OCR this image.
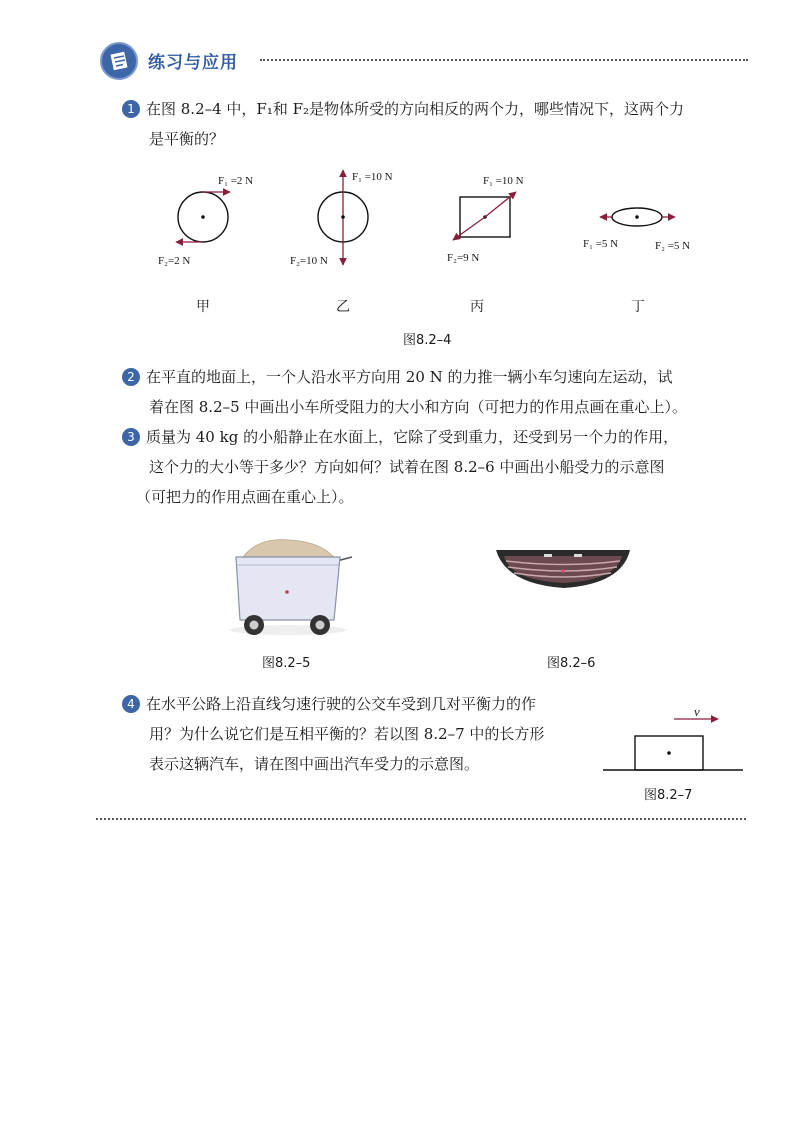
练习与应用
1 在图 8.2–4 中，F₁和 F₂是物体所受的方向相反的两个力，哪些情况下，这两个力
是平衡的？
F₁ =2 N
F₂=2 N
F₁ =10 N
F₂=10 N
F₁ =10 N
F₂=9 N
F₁ =5 N	F₂ =5 N
甲	乙	丙	丁
图8.2–4
2 在平直的地面上，一个人沿水平方向用 20 N 的力推一辆小车匀速向左运动，试
着在图 8.2–5 中画出小车所受阻力的大小和方向（可把力的作用点画在重心上）。
3 质量为 40 kg 的小船静止在水面上，它除了受到重力，还受到另一个力的作用，
这个力的大小等于多少？方向如何？试着在图 8.2–6 中画出小船受力的示意图
（可把力的作用点画在重心上）。
图8.2–5	图8.2–6
4 在水平公路上沿直线匀速行驶的公交车受到几对平衡力的作
用？为什么说它们是互相平衡的？若以图 8.2–7 中的长方形
表示这辆汽车，请在图中画出汽车受力的示意图。
v
图8.2–7
